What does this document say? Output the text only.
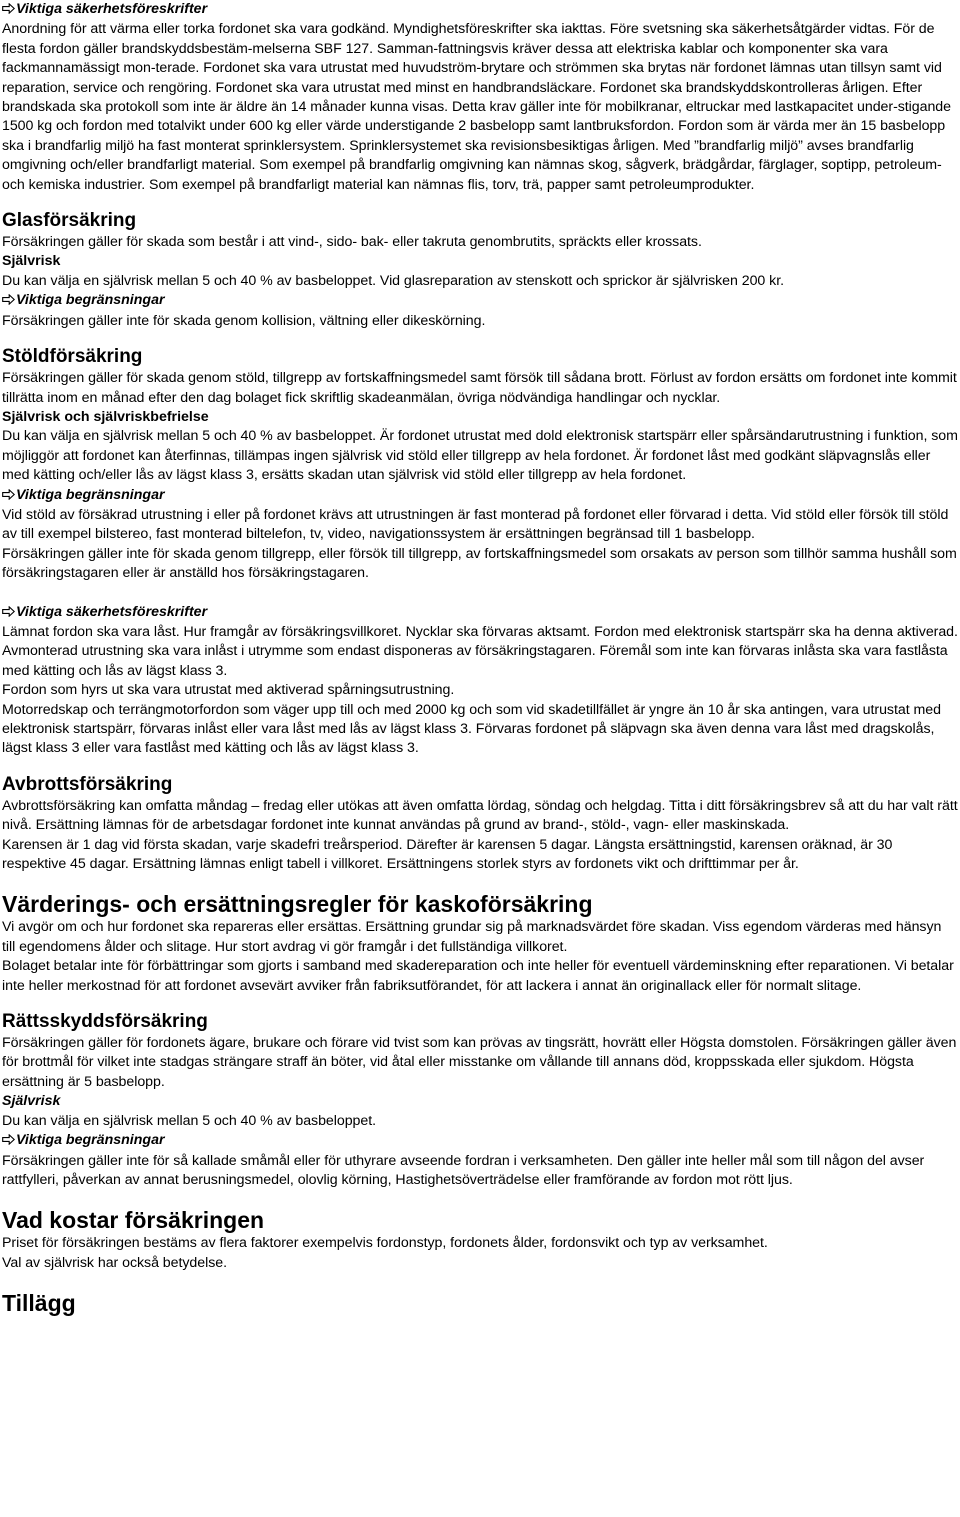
Viktiga säkerhetsföreskrifter

Anordning för att värma eller torka fordonet ska vara godkänd. Myndighetsföreskrifter ska iakttas. Före svetsning ska säkerhetsåtgärder vidtas. För de flesta fordon gäller brandskyddsbestäm-melserna SBF 127. Samman-fattningsvis kräver dessa att elektriska kablar och komponenter ska vara fackmannamässigt mon-terade. Fordonet ska vara utrustat med huvudström-brytare och strömmen ska brytas när fordonet lämnas utan tillsyn samt vid reparation, service och rengöring. Fordonet ska vara utrustat med minst en handbrandsläckare. Fordonet ska brandskyddskontrolleras årligen. Efter brandskada ska protokoll som inte är äldre än 14 månader kunna visas. Detta krav gäller inte för mobilkranar, eltruckar med lastkapacitet under-stigande 1500 kg och fordon med totalvikt under 600 kg eller värde understigande 2 basbelopp samt lantbruksfordon. Fordon som är värda mer än 15 basbelopp ska i brandfarlig miljö ha fast monterat sprinklersystem. Sprinklersystemet ska revisionsbesiktigas årligen. Med ”brandfarlig miljö” avses brandfarlig omgivning och/eller brandfarligt material. Som exempel på brandfarlig omgivning kan nämnas skog, sågverk, brädgårdar, färglager, soptipp, petroleum- och kemiska industrier. Som exempel på brandfarligt material kan nämnas flis, torv, trä, papper samt petroleumprodukter.

Glasförsäkring

Försäkringen gäller för skada som består i att vind-, sido- bak- eller takruta genombrutits, spräckts eller krossats.

Självrisk

Du kan välja en självrisk mellan 5 och 40 % av basbeloppet. Vid glasreparation av stenskott och sprickor är självrisken 200 kr.

Viktiga begränsningar

Försäkringen gäller inte för skada genom kollision, vältning eller dikeskörning.

Stöldförsäkring

Försäkringen gäller för skada genom stöld, tillgrepp av fortskaffningsmedel samt försök till sådana brott. Förlust av fordon ersätts om fordonet inte kommit tillrätta inom en månad efter den dag bolaget fick skriftlig skadeanmälan, övriga nödvändiga handlingar och nycklar.

Självrisk och självriskbefrielse

Du kan välja en självrisk mellan 5 och 40 % av basbeloppet. Är fordonet utrustat med dold elektronisk startspärr eller spårsändarutrustning i funktion, som möjliggör att fordonet kan återfinnas, tillämpas ingen självrisk vid stöld eller tillgrepp av hela fordonet. Är fordonet låst med godkänt släpvagnslås eller med kätting och/eller lås av lägst klass 3, ersätts skadan utan självrisk vid stöld eller tillgrepp av hela fordonet.

Viktiga begränsningar

Vid stöld av försäkrad utrustning i eller på fordonet krävs att utrustningen är fast monterad på fordonet eller förvarad i detta. Vid stöld eller försök till stöld av till exempel bilstereo, fast monterad biltelefon, tv, video, navigationssystem är ersättningen begränsad till 1 basbelopp.

Försäkringen gäller inte för skada genom tillgrepp, eller försök till tillgrepp, av fortskaffningsmedel som orsakats av person som tillhör samma hushåll som försäkringstagaren eller är anställd hos försäkringstagaren.

Viktiga säkerhetsföreskrifter

Lämnat fordon ska vara låst. Hur framgår av försäkringsvillkoret. Nycklar ska förvaras aktsamt. Fordon med elektronisk startspärr ska ha denna aktiverad. Avmonterad utrustning ska vara inlåst i utrymme som endast disponeras av försäkringstagaren. Föremål som inte kan förvaras inlåsta ska vara fastlåsta med kätting och lås av lägst klass 3.

Fordon som hyrs ut ska vara utrustat med aktiverad spårningsutrustning.

Motorredskap och terrängmotorfordon som väger upp till och med 2000 kg och som vid skadetillfället är yngre än 10 år ska antingen, vara utrustat med elektronisk startspärr, förvaras inlåst eller vara låst med lås av lägst klass 3. Förvaras fordonet på släpvagn ska även denna vara låst med dragskolås, lägst klass 3 eller vara fastlåst med kätting och lås av lägst klass 3.

Avbrottsförsäkring

Avbrottsförsäkring kan omfatta måndag – fredag eller utökas att även omfatta lördag, söndag och helgdag. Titta i ditt försäkringsbrev så att du har valt rätt nivå. Ersättning lämnas för de arbetsdagar fordonet inte kunnat användas på grund av brand-, stöld-, vagn- eller maskinskada.

Karensen är 1 dag vid första skadan, varje skadefri treårsperiod. Därefter är karensen 5 dagar. Längsta ersättningstid, karensen oräknad, är 30 respektive 45 dagar. Ersättning lämnas enligt tabell i villkoret. Ersättningens storlek styrs av fordonets vikt och drifttimmar per år.

Värderings- och ersättningsregler för kaskoförsäkring

Vi avgör om och hur fordonet ska repareras eller ersättas. Ersättning grundar sig på marknadsvärdet före skadan. Viss egendom värderas med hänsyn till egendomens ålder och slitage. Hur stort avdrag vi gör framgår i det fullständiga villkoret.

Bolaget betalar inte för förbättringar som gjorts i samband med skadereparation och inte heller för eventuell värdeminskning efter reparationen. Vi betalar inte heller merkostnad för att fordonet avsevärt avviker från fabriksutförandet, för att lackera i annat än originallack eller för normalt slitage.

Rättsskyddsförsäkring

Försäkringen gäller för fordonets ägare, brukare och förare vid tvist som kan prövas av tingsrätt, hovrätt eller Högsta domstolen. Försäkringen gäller även för brottmål för vilket inte stadgas strängare straff än böter, vid åtal eller misstanke om vållande till annans död, kroppsskada eller sjukdom. Högsta ersättning är 5 basbelopp.

Självrisk

Du kan välja en självrisk mellan 5 och 40 % av basbeloppet.

Viktiga begränsningar

Försäkringen gäller inte för så kallade småmål eller för uthyrare avseende fordran i verksamheten. Den gäller inte heller mål som till någon del avser rattfylleri, påverkan av annat berusningsmedel, olovlig körning, Hastighetsöverträdelse eller framförande av fordon mot rött ljus.

Vad kostar försäkringen

Priset för försäkringen bestäms av flera faktorer exempelvis fordonstyp, fordonets ålder, fordonsvikt och typ av verksamhet.

Val av självrisk har också betydelse.

Tillägg
